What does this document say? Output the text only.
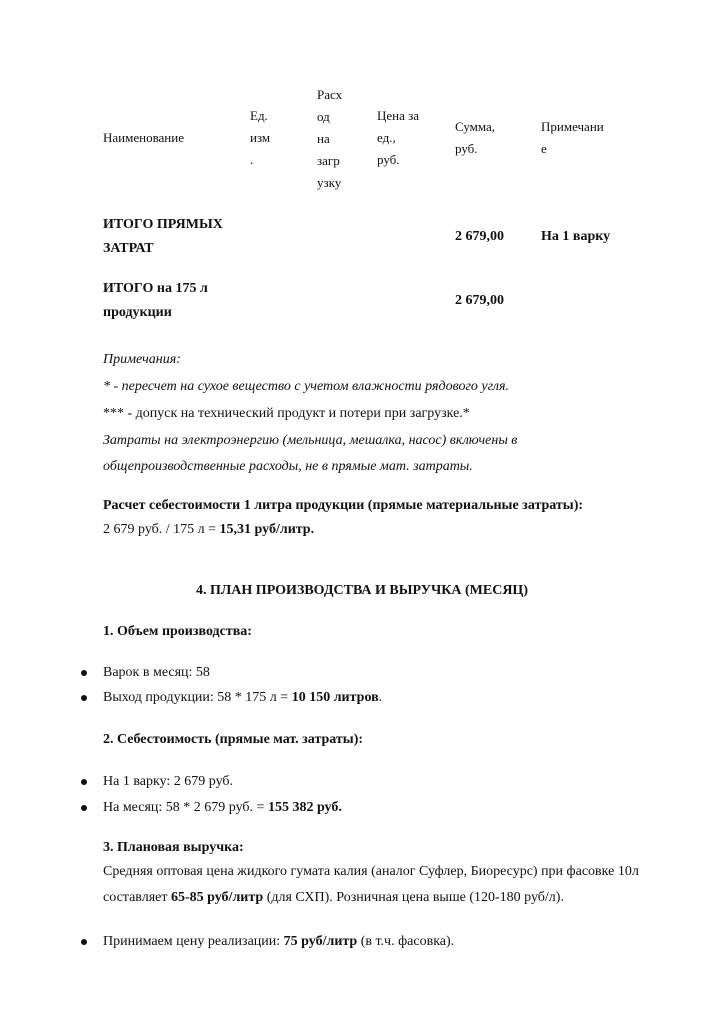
Наименование
Ед.
изм
.
Расх
од
на
загр
узку
Цена за
ед.,
руб.
Сумма,
руб.
Примечани
е
ИТОГО ПРЯМЫХ
ЗАТРАТ
2 679,00	На 1 варку
ИТОГО на 175 л
продукции
2 679,00
Примечания:
* - пересчет на сухое вещество с учетом влажности рядового угля.
*** - допуск на технический продукт и потери при загрузке.*
Затраты на электроэнергию (мельница, мешалка, насос) включены в
общепроизводственные расходы, не в прямые мат. затраты.
Расчет себестоимости 1 литра продукции (прямые материальные затраты):
2 679 руб. / 175 л = 15,31 руб/литр.
4. ПЛАН ПРОИЗВОДСТВА И ВЫРУЧКА (МЕСЯЦ)
1. Объем производства:
Варок в месяц: 58
Выход продукции: 58 * 175 л = 10 150 литров.
2. Себестоимость (прямые мат. затраты):
На 1 варку: 2 679 руб.
На месяц: 58 * 2 679 руб. = 155 382 руб.
3. Плановая выручка:
Средняя оптовая цена жидкого гумата калия (аналог Суфлер, Биоресурс) при фасовке 10л
составляет 65-85 руб/литр (для СХП). Розничная цена выше (120-180 руб/л).
Принимаем цену реализации: 75 руб/литр (в т.ч. фасовка).
